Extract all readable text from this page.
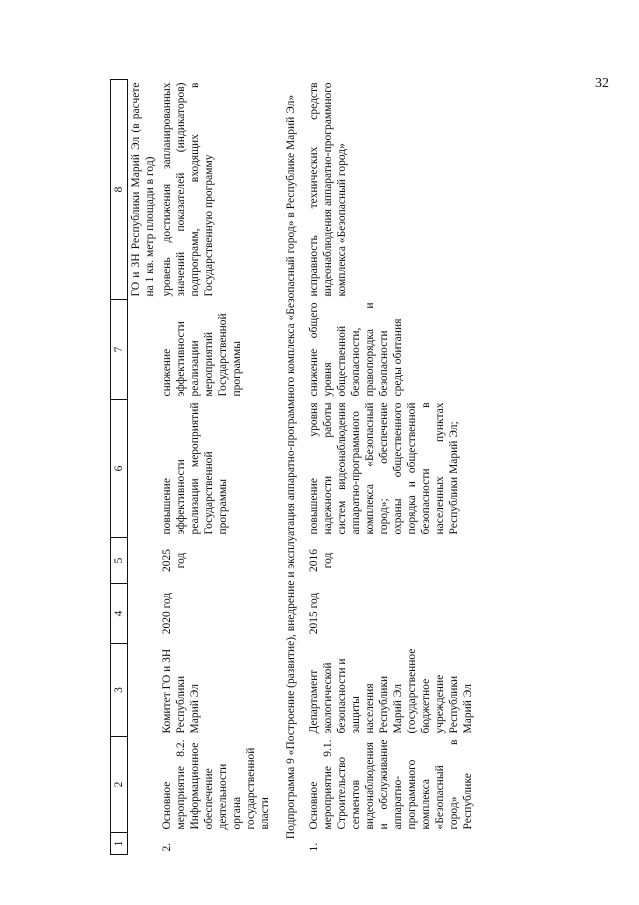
32
1	2	3	4	5	6	7	8
							ГО и ЗН Республики Марий Эл (в расчете на 1 кв. метр площади в год)
2.	Основное мероприятие 8.2. Информационное обеспечение деятельности органа государственной власти	Комитет ГО и ЗН Республики Марий Эл	2020 год	2025 год	повышение эффективности реализации мероприятий Государственной программы	снижение эффективности реализации мероприятий Государственной программы	уровень достижения запланированных значений показателей (индикаторов) подпрограмм, входящих в Государственную программу
Подпрограмма 9 «Построение (развитие), внедрение и эксплуатация аппаратно-программного комплекса «Безопасный город» в Республике Марий Эл»							
1.	Основное мероприятие 9.1. Строительство сегментов видеонаблюдения и обслуживание аппаратно-программного комплекса «Безопасный город» в Республике	Департамент экологической безопасности и защиты населения Республики Марий Эл (государственное бюджетное учреждение Республики Марий Эл	2015 год	2016 год	повышение уровня надежности работы систем видеонаблюдения аппаратно-программного комплекса «Безопасный город»; обеспечение охраны общественного порядка и общественной безопасности в населенных пунктах Республики Марий Эл;	снижение общего уровня общественной безопасности, правопорядка и безопасности среды обитания	исправность технических средств видеонаблюдения аппаратно-программного комплекса «Безопасный город»
